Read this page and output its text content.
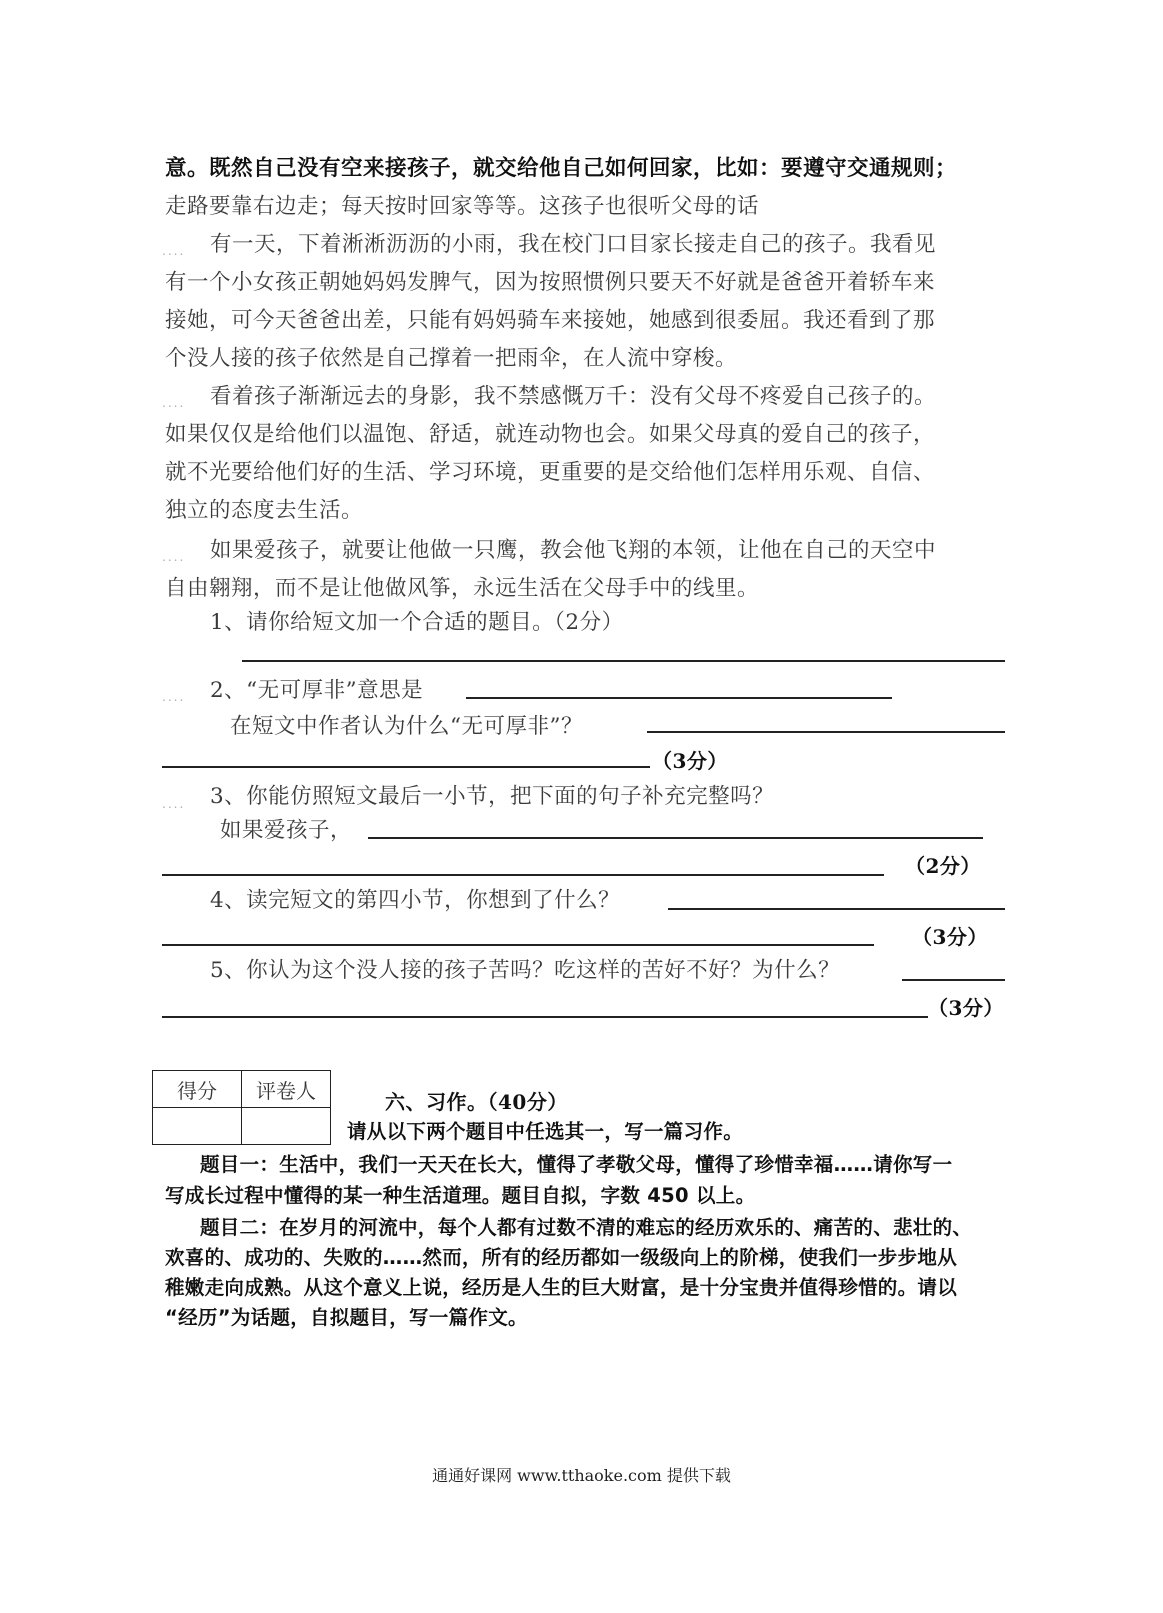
意。既然自己没有空来接孩子，就交给他自己如何回家，比如：要遵守交通规则；
走路要靠右边走；每天按时回家等等。这孩子也很听父母的话
.... 有一天，下着淅淅沥沥的小雨，我在校门口目家长接走自己的孩子。我看见
有一个小女孩正朝她妈妈发脾气，因为按照惯例只要天不好就是爸爸开着轿车来
接她，可今天爸爸出差，只能有妈妈骑车来接她，她感到很委屈。我还看到了那
个没人接的孩子依然是自己撑着一把雨伞，在人流中穿梭。
.... 看着孩子渐渐远去的身影，我不禁感慨万千：没有父母不疼爱自己孩子的。
如果仅仅是给他们以温饱、舒适，就连动物也会。如果父母真的爱自己的孩子，
就不光要给他们好的生活、学习环境，更重要的是交给他们怎样用乐观、自信、
独立的态度去生活。
.... 如果爱孩子，就要让他做一只鹰，教会他飞翔的本领，让他在自己的天空中
自由翱翔，而不是让他做风筝，永远生活在父母手中的线里。
1、请你给短文加一个合适的题目。（2分）
.... 2、“无可厚非”意思是
在短文中作者认为什么“无可厚非”？
（3分）
.... 3、你能仿照短文最后一小节，把下面的句子补充完整吗？
如果爱孩子，
（2分）
4、读完短文的第四小节，你想到了什么？
（3分）
5、你认为这个没人接的孩子苦吗？吃这样的苦好不好？为什么？
（3分）
得分	评卷人
		六、习作。（40分）
请从以下两个题目中任选其一，写一篇习作。
题目一：生活中，我们一天天在长大，懂得了孝敬父母，懂得了珍惜幸福……请你写一
写成长过程中懂得的某一种生活道理。题目自拟，字数 450 以上。
题目二：在岁月的河流中，每个人都有过数不清的难忘的经历欢乐的、痛苦的、悲壮的、
欢喜的、成功的、失败的……然而，所有的经历都如一级级向上的阶梯，使我们一步步地从
稚嫩走向成熟。从这个意义上说，经历是人生的巨大财富，是十分宝贵并值得珍惜的。请以
“经历”为话题，自拟题目，写一篇作文。
通通好课网 www.tthaoke.com 提供下载
